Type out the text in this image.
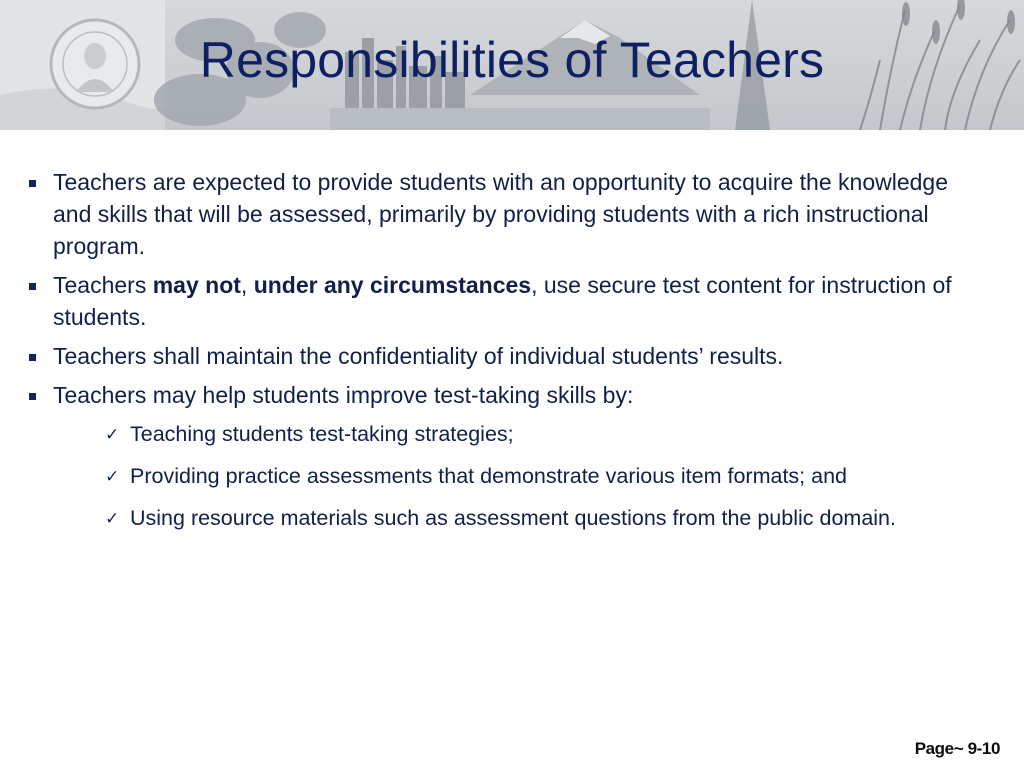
Responsibilities of Teachers
Teachers are expected to provide students with an opportunity to acquire the knowledge and skills that will be assessed, primarily by providing students with a rich instructional program.
Teachers may not, under any circumstances, use secure test content for instruction of students.
Teachers shall maintain the confidentiality of individual students’ results.
Teachers may help students improve test-taking skills by:
✓ Teaching students test-taking strategies;
✓ Providing practice assessments that demonstrate various item formats; and
✓ Using resource materials such as assessment questions from the public domain.
Page~ 9-10
